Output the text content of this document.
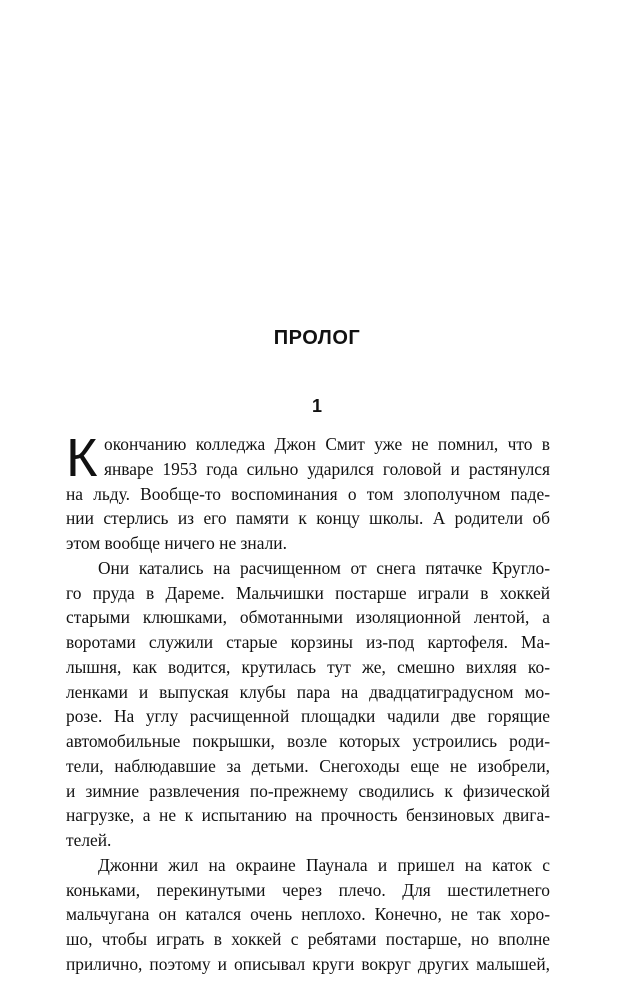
ПРОЛОГ
1
К окончанию колледжа Джон Смит уже не помнил, что в
январе 1953 года сильно ударился головой и растянулся
на льду. Вообще-то воспоминания о том злополучном паде-
нии стерлись из его памяти к концу школы. А родители об
этом вообще ничего не знали.
Они катались на расчищенном от снега пятачке Кругло-
го пруда в Дареме. Мальчишки постарше играли в хоккей
старыми клюшками, обмотанными изоляционной лентой, а
воротами служили старые корзины из-под картофеля. Ма-
лышня, как водится, крутилась тут же, смешно вихляя ко-
ленками и выпуская клубы пара на двадцатиградусном мо-
розе. На углу расчищенной площадки чадили две горящие
автомобильные покрышки, возле которых устроились роди-
тели, наблюдавшие за детьми. Снегоходы еще не изобрели,
и зимние развлечения по-прежнему сводились к физической
нагрузке, а не к испытанию на прочность бензиновых двига-
телей.
Джонни жил на окраине Паунала и пришел на каток с
коньками, перекинутыми через плечо. Для шестилетнего
мальчугана он катался очень неплохо. Конечно, не так хоро-
шо, чтобы играть в хоккей с ребятами постарше, но вполне
прилично, поэтому и описывал круги вокруг других малышей,
